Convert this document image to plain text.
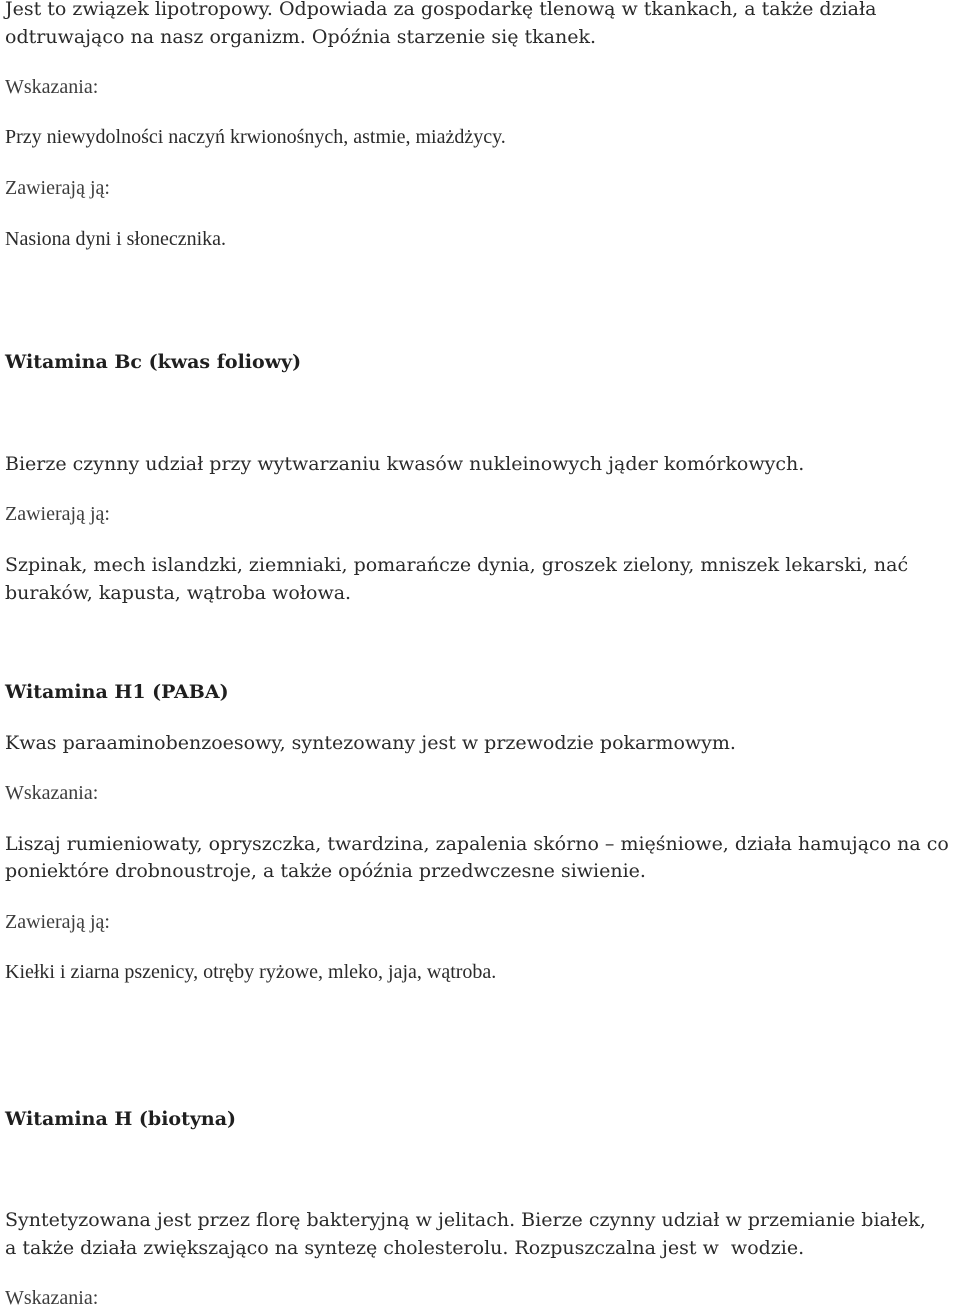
Jest to związek lipotropowy. Odpowiada za gospodarkę tlenową w tkankach, a także działa

odtruwająco na nasz organizm. Opóźnia starzenie się tkanek.

Wskazania:

Przy niewydolności naczyń krwionośnych, astmie, miażdżycy.

Zawierają ją:

Nasiona dyni i słonecznika.

Witamina Bc (kwas foliowy)

Bierze czynny udział przy wytwarzaniu kwasów nukleinowych jąder komórkowych.

Zawierają ją:

Szpinak, mech islandzki, ziemniaki, pomarańcze dynia, groszek zielony, mniszek lekarski, nać

buraków, kapusta, wątroba wołowa.

Witamina H1 (PABA)

Kwas paraaminobenzoesowy, syntezowany jest w przewodzie pokarmowym.

Wskazania:

Liszaj rumieniowaty, opryszczka, twardzina, zapalenia skórno – mięśniowe, działa hamująco na co

poniektóre drobnoustroje, a także opóźnia przedwczesne siwienie.

Zawierają ją:

Kiełki i ziarna pszenicy, otręby ryżowe, mleko, jaja, wątroba.

Witamina H (biotyna)

Syntetyzowana jest przez florę bakteryjną w jelitach. Bierze czynny udział w przemianie białek,

a także działa zwiększająco na syntezę cholesterolu. Rozpuszczalna jest w  wodzie.

Wskazania:
